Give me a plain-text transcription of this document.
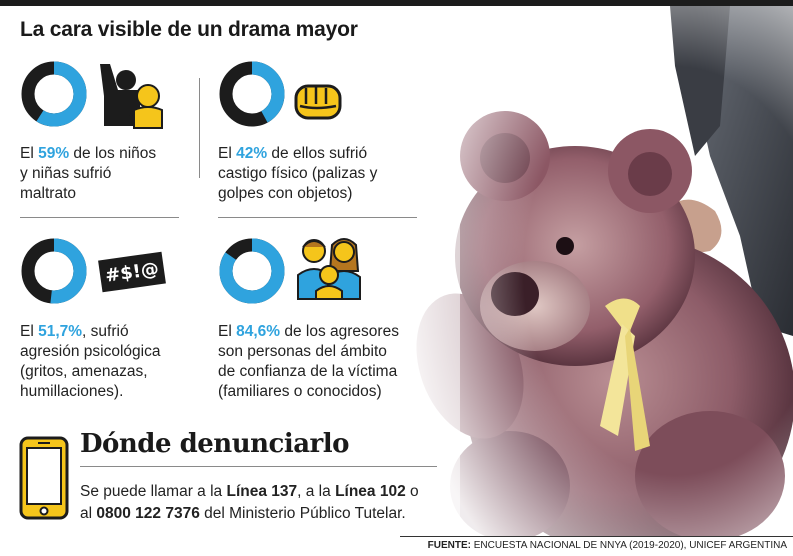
La cara visible de un drama mayor
El 59% de los niños
y niñas sufrió
maltrato
El 42% de ellos sufrió
castigo físico (palizas y
golpes con objetos)
#$!@
El 51,7%, sufrió
agresión psicológica
(gritos, amenazas,
humillaciones).
El 84,6% de los agresores
son personas del ámbito
de confianza de la víctima
(familiares o conocidos)
Dónde denunciarlo
Se puede llamar a la Línea 137, a la Línea 102 o
al 0800 122 7376 del Ministerio Público Tutelar.
FUENTE: ENCUESTA NACIONAL DE NNYA (2019-2020), UNICEF ARGENTINA
